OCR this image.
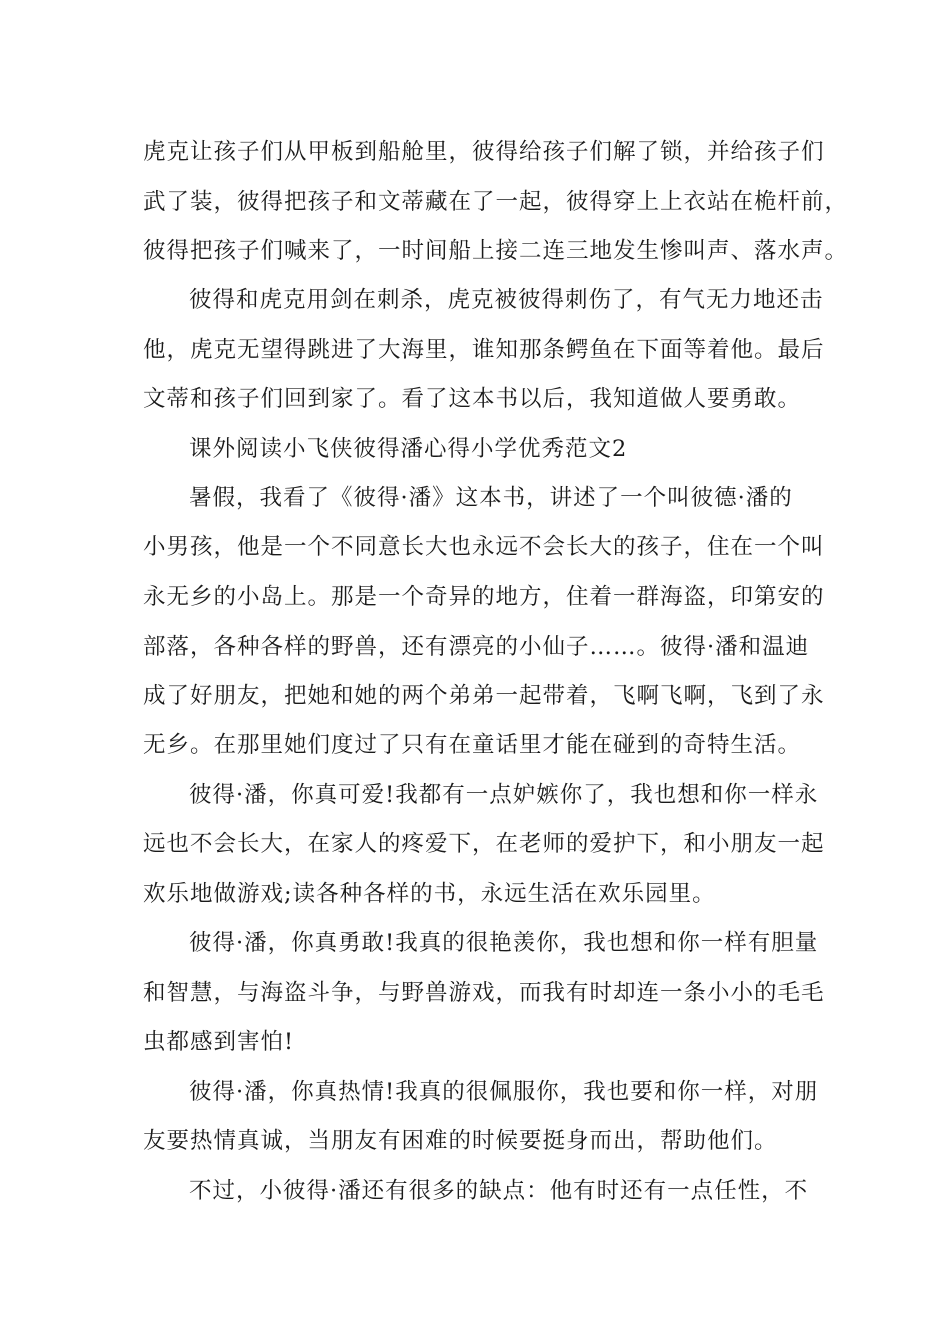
虎克让孩子们从甲板到船舱里，彼得给孩子们解了锁，并给孩子们
武了装，彼得把孩子和文蒂藏在了一起，彼得穿上上衣站在桅杆前，
彼得把孩子们喊来了，一时间船上接二连三地发生惨叫声、落水声。
彼得和虎克用剑在刺杀，虎克被彼得刺伤了，有气无力地还击
他，虎克无望得跳进了大海里，谁知那条鳄鱼在下面等着他。最后
文蒂和孩子们回到家了。看了这本书以后，我知道做人要勇敢。
课外阅读小飞侠彼得潘心得小学优秀范文2
暑假，我看了《彼得·潘》这本书，讲述了一个叫彼德·潘的
小男孩，他是一个不同意长大也永远不会长大的孩子，住在一个叫
永无乡的小岛上。那是一个奇异的地方，住着一群海盗，印第安的
部落，各种各样的野兽，还有漂亮的小仙子……。彼得·潘和温迪
成了好朋友，把她和她的两个弟弟一起带着，飞啊飞啊，飞到了永
无乡。在那里她们度过了只有在童话里才能在碰到的奇特生活。
彼得·潘，你真可爱!我都有一点妒嫉你了，我也想和你一样永
远也不会长大，在家人的疼爱下，在老师的爱护下，和小朋友一起
欢乐地做游戏;读各种各样的书，永远生活在欢乐园里。
彼得·潘，你真勇敢!我真的很艳羡你，我也想和你一样有胆量
和智慧，与海盗斗争，与野兽游戏，而我有时却连一条小小的毛毛
虫都感到害怕!
彼得·潘，你真热情!我真的很佩服你，我也要和你一样，对朋
友要热情真诚，当朋友有困难的时候要挺身而出，帮助他们。
不过，小彼得·潘还有很多的缺点：他有时还有一点任性，不
